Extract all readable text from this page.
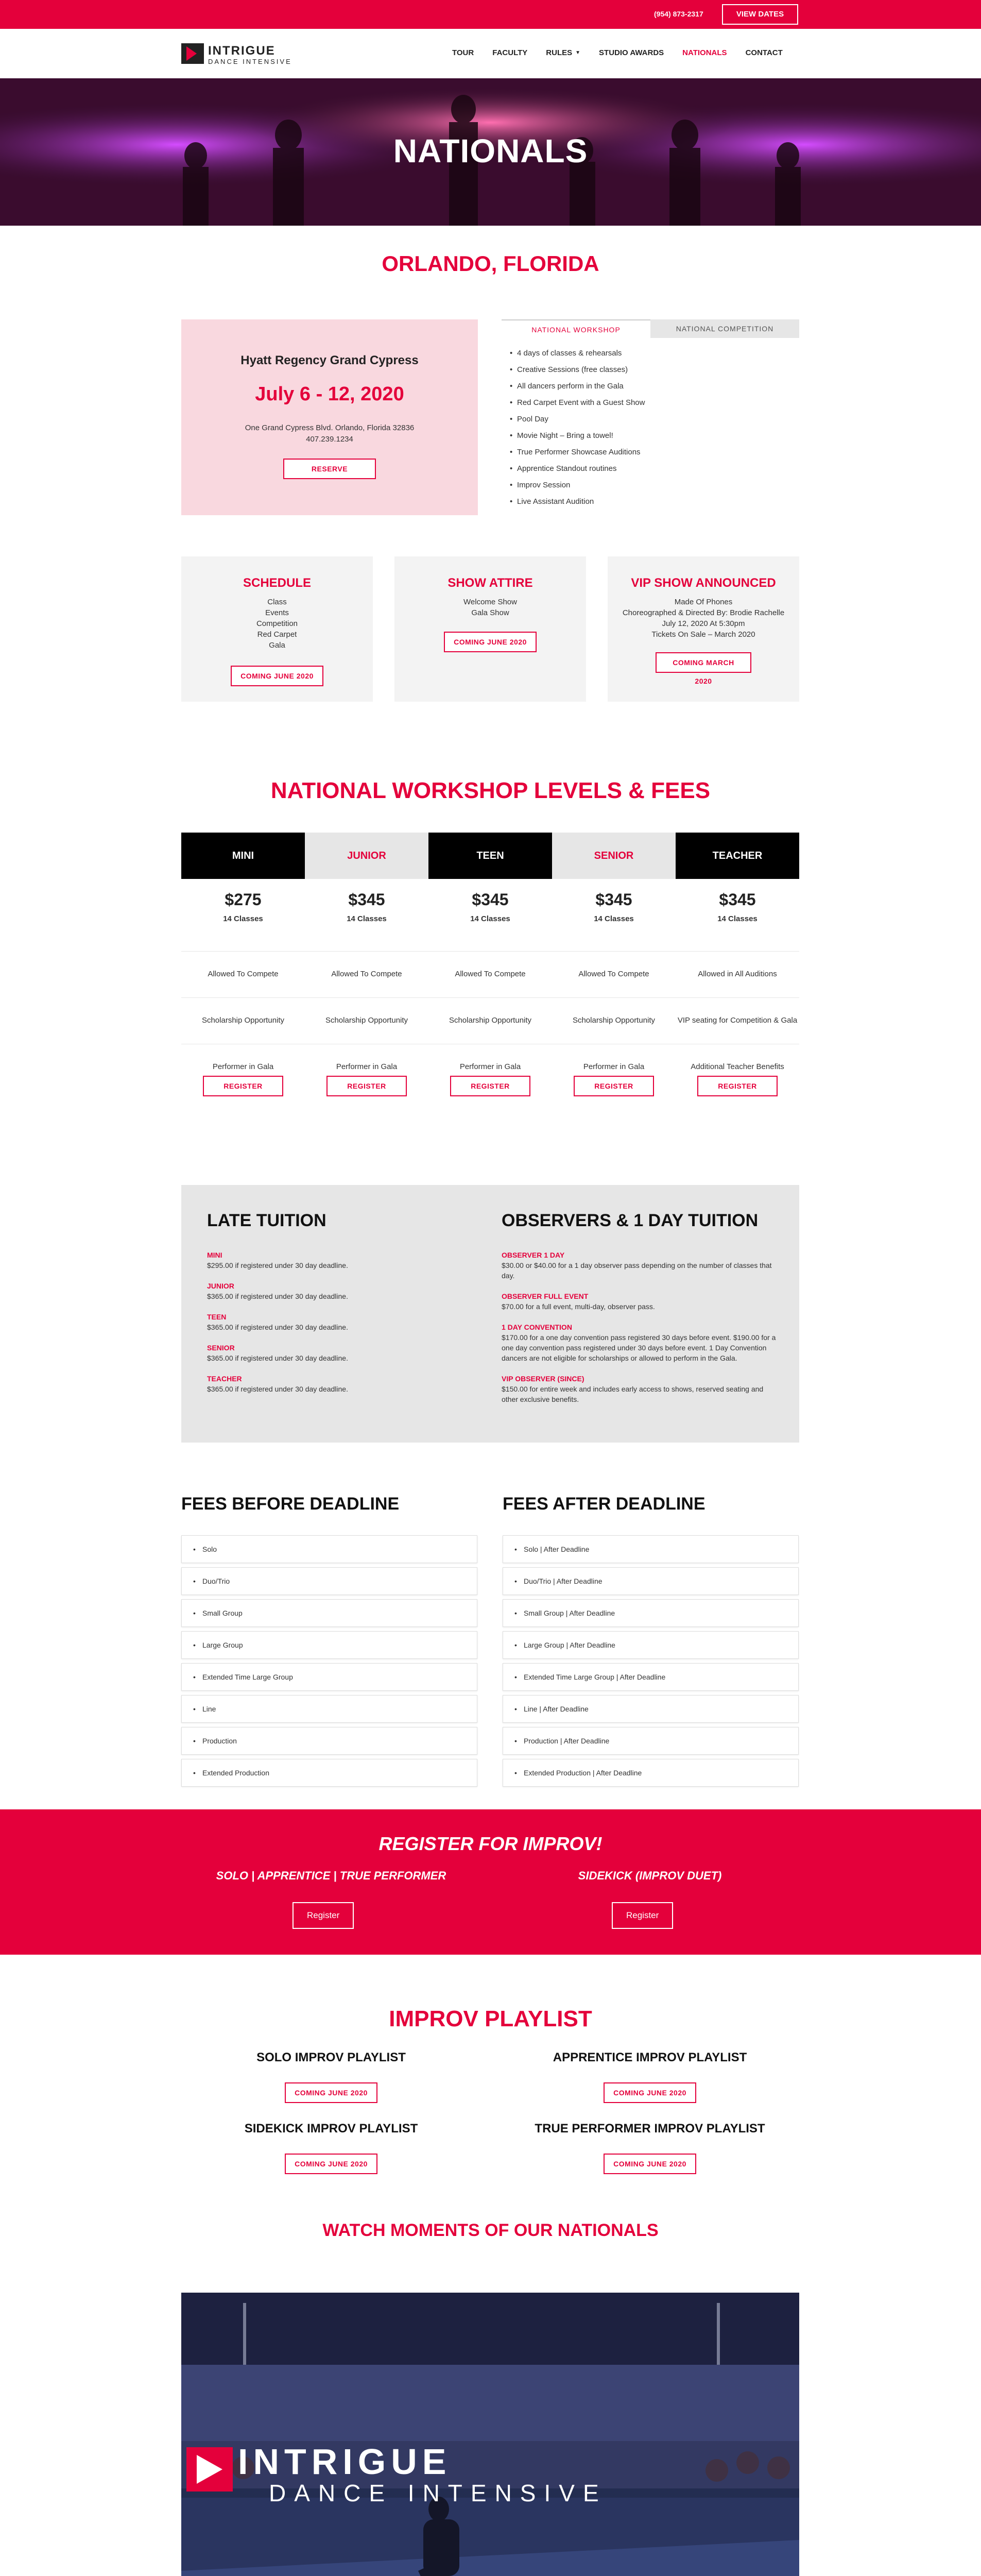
(954) 873-2317	VIEW DATES
INTRIGUE
DANCE INTENSIVE
TOUR FACULTY RULES ▼ STUDIO AWARDS NATIONALS CONTACT
NATIONALS
ORLANDO, FLORIDA
Hyatt Regency Grand Cypress
July 6 - 12, 2020
One Grand Cypress Blvd. Orlando, Florida 32836
407.239.1234
RESERVE
NATIONAL WORKSHOP	NATIONAL COMPETITION
• 4 days of classes & rehearsals
• Creative Sessions (free classes)
• All dancers perform in the Gala
• Red Carpet Event with a Guest Show
• Pool Day
• Movie Night – Bring a towel!
• True Performer Showcase Auditions
• Apprentice Standout routines
• Improv Session
• Live Assistant Audition
SCHEDULE
Class
Events
Competition
Red Carpet
Gala
COMING JUNE 2020
SHOW ATTIRE
Welcome Show
Gala Show
COMING JUNE 2020
VIP SHOW ANNOUNCED
Made Of Phones
Choreographed & Directed By: Brodie Rachelle
July 12, 2020 At 5:30pm
Tickets On Sale – March 2020
COMING MARCH 2020
NATIONAL WORKSHOP LEVELS & FEES
MINI
$275
14 Classes
Allowed To Compete
Scholarship Opportunity
Performer in Gala
REGISTER
JUNIOR
$345
14 Classes
Allowed To Compete
Scholarship Opportunity
Performer in Gala
REGISTER
TEEN
$345
14 Classes
Allowed To Compete
Scholarship Opportunity
Performer in Gala
REGISTER
SENIOR
$345
14 Classes
Allowed To Compete
Scholarship Opportunity
Performer in Gala
REGISTER
TEACHER
$345
14 Classes
Allowed in All Auditions
VIP seating for Competition & Gala
Additional Teacher Benefits
REGISTER
LATE TUITION
MINI
$295.00 if registered under 30 day deadline.
JUNIOR
$365.00 if registered under 30 day deadline.
TEEN
$365.00 if registered under 30 day deadline.
SENIOR
$365.00 if registered under 30 day deadline.
TEACHER
$365.00 if registered under 30 day deadline.
OBSERVERS & 1 DAY TUITION
OBSERVER 1 DAY
$30.00 or $40.00 for a 1 day observer pass depending on the number of classes that day.
OBSERVER FULL EVENT
$70.00 for a full event, multi-day, observer pass.
1 DAY CONVENTION
$170.00 for a one day convention pass registered 30 days before event. $190.00 for a one day convention pass registered under 30 days before event. 1 Day Convention dancers are not eligible for scholarships or allowed to perform in the Gala.
VIP OBSERVER (SINCE)
$150.00 for entire week and includes early access to shows, reserved seating and other exclusive benefits.
FEES BEFORE DEADLINE	FEES AFTER DEADLINE
• Solo
• Duo/Trio
• Small Group
• Large Group
• Extended Time Large Group
• Line
• Production
• Extended Production
• Solo | After Deadline
• Duo/Trio | After Deadline
• Small Group | After Deadline
• Large Group | After Deadline
• Extended Time Large Group | After Deadline
• Line | After Deadline
• Production | After Deadline
• Extended Production | After Deadline
REGISTER FOR IMPROV!
SOLO | APPRENTICE | TRUE PERFORMER	SIDEKICK (IMPROV DUET)
Register	Register
IMPROV PLAYLIST
SOLO IMPROV PLAYLIST	APPRENTICE IMPROV PLAYLIST
COMING JUNE 2020	COMING JUNE 2020
SIDEKICK IMPROV PLAYLIST	TRUE PERFORMER IMPROV PLAYLIST
COMING JUNE 2020	COMING JUNE 2020
WATCH MOMENTS OF OUR NATIONALS
INTRIGUE
DANCE INTENSIVE
